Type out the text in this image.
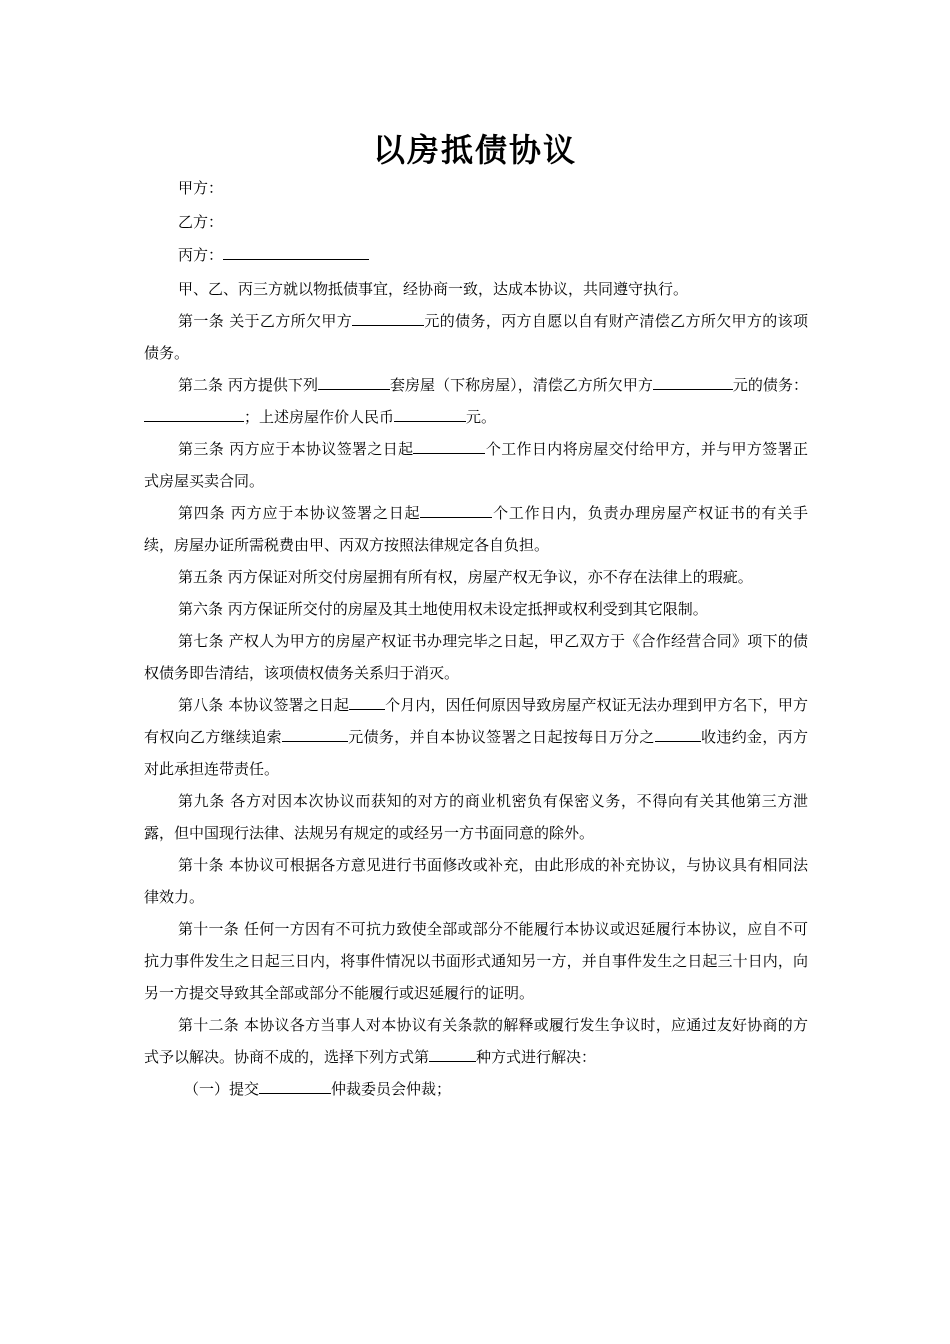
以房抵债协议

甲方：

乙方：

丙方：

甲、乙、丙三方就以物抵债事宜，经协商一致，达成本协议，共同遵守执行。

第一条 关于乙方所欠甲方	元的债务，丙方自愿以自有财产清偿乙方所欠甲方的该项债务。

第二条 丙方提供下列	套房屋（下称房屋），清偿乙方所欠甲方	元的债务：；上述房屋作价人民币	元。

第三条 丙方应于本协议签署之日起	个工作日内将房屋交付给甲方，并与甲方签署正式房屋买卖合同。

第四条 丙方应于本协议签署之日起	个工作日内，负责办理房屋产权证书的有关手续，房屋办证所需税费由甲、丙双方按照法律规定各自负担。

第五条 丙方保证对所交付房屋拥有所有权，房屋产权无争议，亦不存在法律上的瑕疵。

第六条 丙方保证所交付的房屋及其土地使用权未设定抵押或权利受到其它限制。

第七条 产权人为甲方的房屋产权证书办理完毕之日起，甲乙双方于《合作经营合同》项下的债权债务即告清结，该项债权债务关系归于消灭。

第八条 本协议签署之日起 个月内，因任何原因导致房屋产权证无法办理到甲方名下，甲方有权向乙方继续追索	元债务，并自本协议签署之日起按每日万分之	收违约金，丙方对此承担连带责任。

第九条 各方对因本次协议而获知的对方的商业机密负有保密义务，不得向有关其他第三方泄露，但中国现行法律、法规另有规定的或经另一方书面同意的除外。

第十条 本协议可根据各方意见进行书面修改或补充，由此形成的补充协议，与协议具有相同法律效力。

第十一条 任何一方因有不可抗力致使全部或部分不能履行本协议或迟延履行本协议，应自不可抗力事件发生之日起三日内，将事件情况以书面形式通知另一方，并自事件发生之日起三十日内，向另一方提交导致其全部或部分不能履行或迟延履行的证明。

第十二条 本协议各方当事人对本协议有关条款的解释或履行发生争议时，应通过友好协商的方式予以解决。协商不成的，选择下列方式第	种方式进行解决：

（一）提交	仲裁委员会仲裁；
